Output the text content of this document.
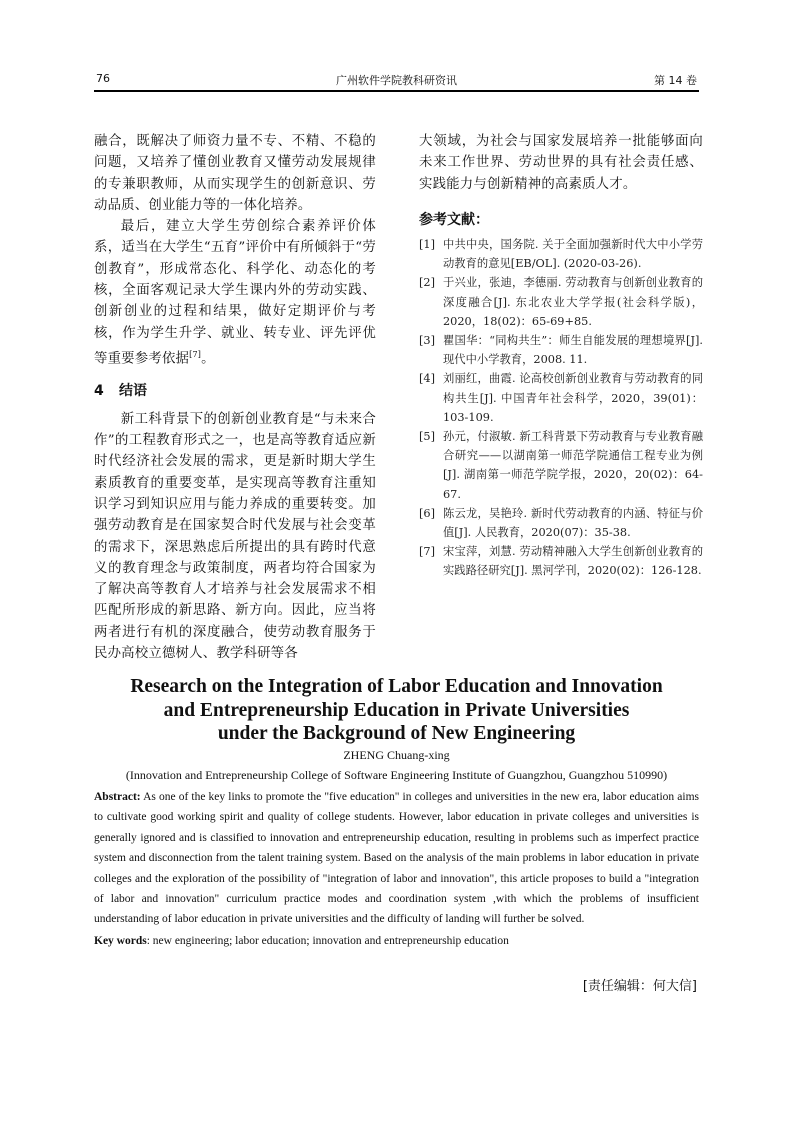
76	广州软件学院教科研资讯	第 14 卷

融合，既解决了师资力量不专、不精、不稳的问题，又培养了懂创业教育又懂劳动发展规律的专兼职教师，从而实现学生的创新意识、劳动品质、创业能力等的一体化培养。

最后，建立大学生劳创综合素养评价体系，适当在大学生“五育”评价中有所倾斜于“劳创教育”，形成常态化、科学化、动态化的考核，全面客观记录大学生课内外的劳动实践、创新创业的过程和结果，做好定期评价与考核，作为学生升学、就业、转专业、评先评优等重要参考依据[7]。

4 结语

新工科背景下的创新创业教育是“与未来合作”的工程教育形式之一，也是高等教育适应新时代经济社会发展的需求，更是新时期大学生素质教育的重要变革，是实现高等教育注重知识学习到知识应用与能力养成的重要转变。加强劳动教育是在国家契合时代发展与社会变革的需求下，深思熟虑后所提出的具有跨时代意义的教育理念与政策制度，两者均符合国家为了解决高等教育人才培养与社会发展需求不相匹配所形成的新思路、新方向。因此，应当将两者进行有机的深度融合，使劳动教育服务于民办高校立德树人、教学科研等各

大领域，为社会与国家发展培养一批能够面向未来工作世界、劳动世界的具有社会责任感、实践能力与创新精神的高素质人才。

参考文献：

[1] 中共中央，国务院. 关于全面加强新时代大中小学劳动教育的意见[EB/OL]. (2020-03-26).

[2] 于兴业，张迪，李德丽. 劳动教育与创新创业教育的深度融合[J]. 东北农业大学学报(社会科学版)，2020，18(02)：65-69+85.

[3] 瞿国华：“同构共生”：师生自能发展的理想境界[J]. 现代中小学教育，2008. 11.

[4] 刘丽红，曲霞. 论高校创新创业教育与劳动教育的同构共生[J]. 中国青年社会科学，2020，39(01)：103-109.

[5] 孙元，付淑敏. 新工科背景下劳动教育与专业教育融合研究——以湖南第一师范学院通信工程专业为例[J]. 湖南第一师范学院学报，2020，20(02)：64-67.

[6] 陈云龙，吴艳玲. 新时代劳动教育的内涵、特征与价值[J]. 人民教育，2020(07)：35-38.

[7] 宋宝萍，刘慧. 劳动精神融入大学生创新创业教育的实践路径研究[J]. 黑河学刊，2020(02)：126-128.

Research on the Integration of Labor Education and Innovation
and Entrepreneurship Education in Private Universities
under the Background of New Engineering
ZHENG Chuang-xing
(Innovation and Entrepreneurship College of Software Engineering Institute of Guangzhou, Guangzhou 510990)
Abstract: As one of the key links to promote the "five education" in colleges and universities in the new era, labor education aims to cultivate good working spirit and quality of college students. However, labor education in private colleges and universities is generally ignored and is classified to innovation and entrepreneurship education, resulting in problems such as imperfect practice system and disconnection from the talent training system. Based on the analysis of the main problems in labor education in private colleges and the exploration of the possibility of "integration of labor and innovation", this article proposes to build a "integration of labor and innovation" curriculum practice modes and coordination system ,with which the problems of insufficient understanding of labor education in private universities and the difficulty of landing will further be solved.
Key words: new engineering; labor education; innovation and entrepreneurship education
[责任编辑：何大信]
